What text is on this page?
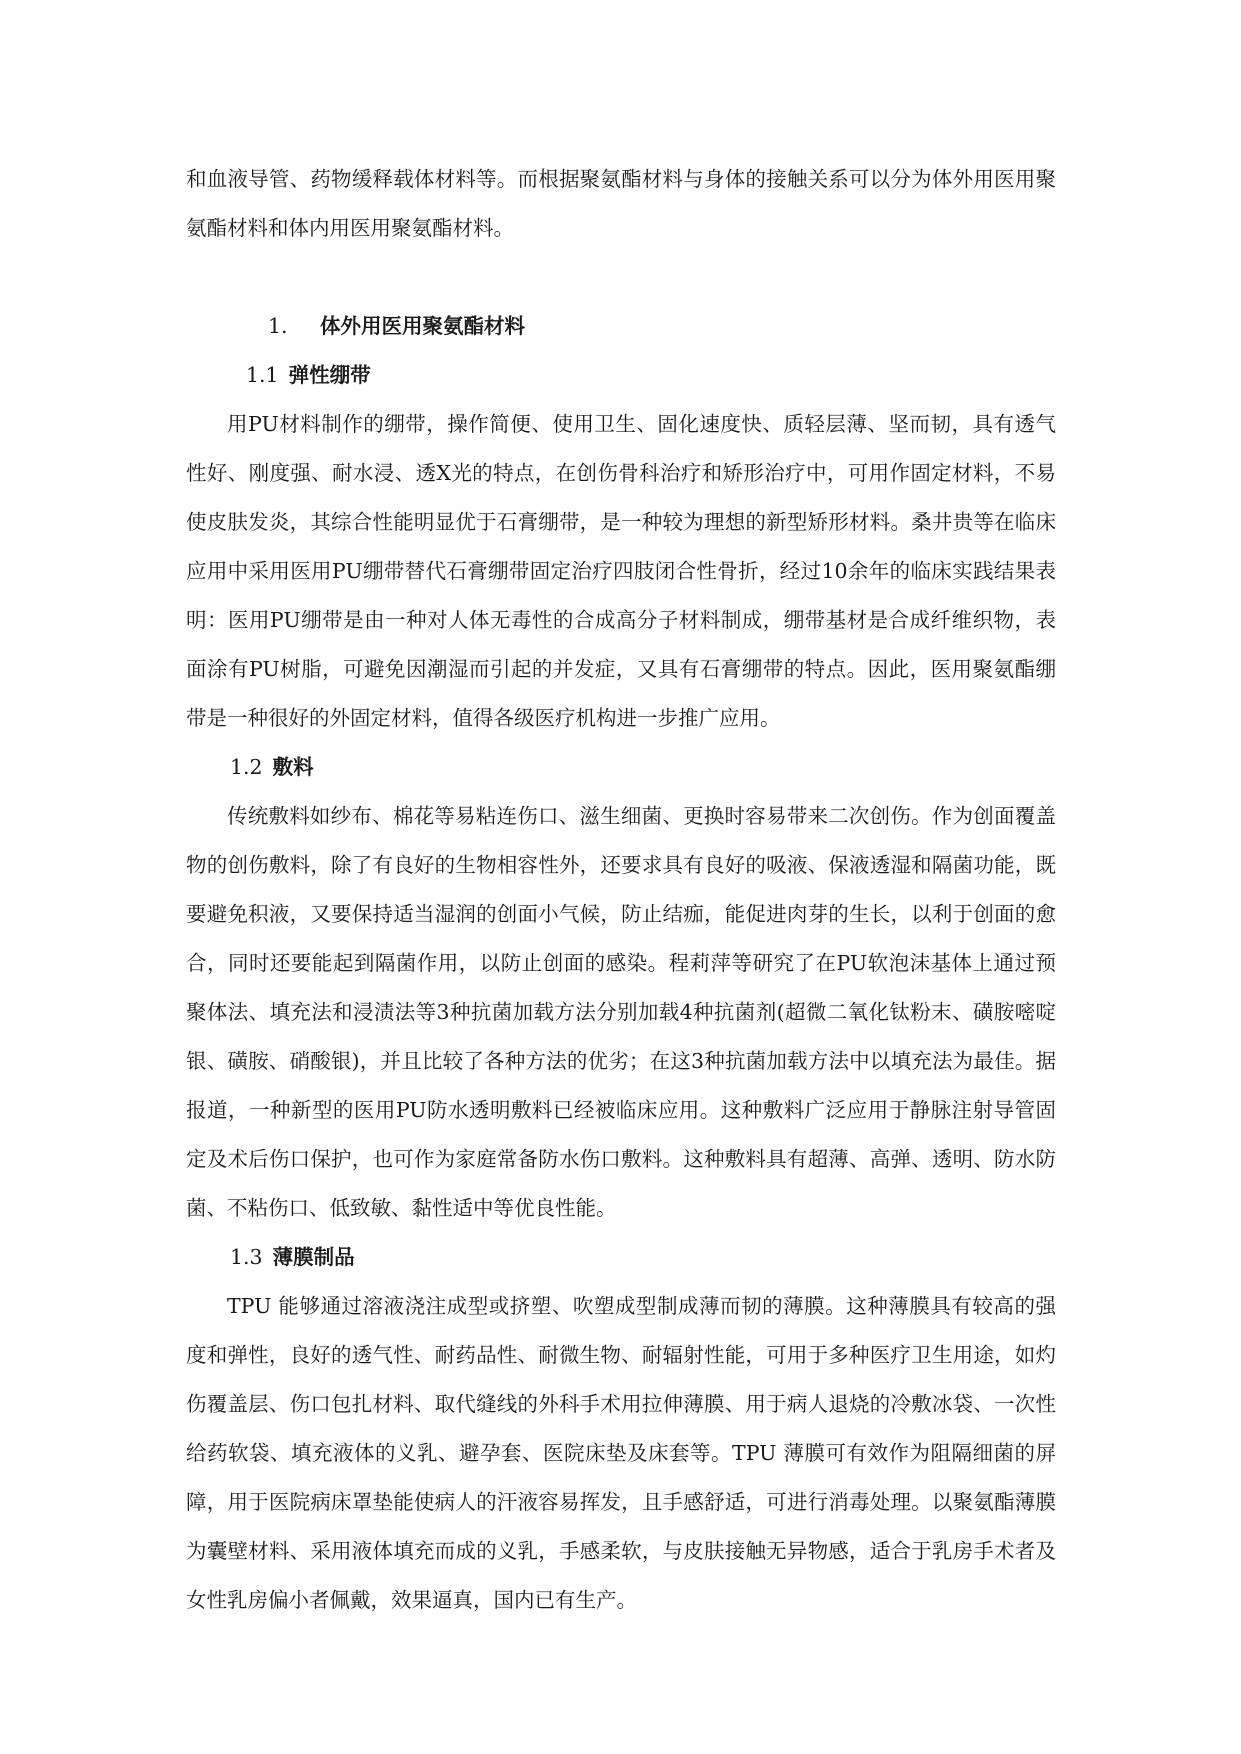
和血液导管、药物缓释载体材料等。而根据聚氨酯材料与身体的接触关系可以分为体外用医用聚氨酯材料和体内用医用聚氨酯材料。

1. 体外用医用聚氨酯材料
1.1 弹性绷带

用PU材料制作的绷带，操作简便、使用卫生、固化速度快、质轻层薄、坚而韧，具有透气性好、刚度强、耐水浸、透X光的特点，在创伤骨科治疗和矫形治疗中，可用作固定材料，不易使皮肤发炎，其综合性能明显优于石膏绷带，是一种较为理想的新型矫形材料。桑井贵等在临床应用中采用医用PU绷带替代石膏绷带固定治疗四肢闭合性骨折，经过10余年的临床实践结果表明：医用PU绷带是由一种对人体无毒性的合成高分子材料制成，绷带基材是合成纤维织物，表面涂有PU树脂，可避免因潮湿而引起的并发症，又具有石膏绷带的特点。因此，医用聚氨酯绷带是一种很好的外固定材料，值得各级医疗机构进一步推广应用。

1.2 敷料

传统敷料如纱布、棉花等易粘连伤口、滋生细菌、更换时容易带来二次创伤。作为创面覆盖物的创伤敷料，除了有良好的生物相容性外，还要求具有良好的吸液、保液透湿和隔菌功能，既要避免积液，又要保持适当湿润的创面小气候，防止结痂，能促进肉芽的生长，以利于创面的愈合，同时还要能起到隔菌作用，以防止创面的感染。程莉萍等研究了在PU软泡沫基体上通过预聚体法、填充法和浸渍法等3种抗菌加载方法分别加载4种抗菌剂(超微二氧化钛粉末、磺胺嘧啶银、磺胺、硝酸银)，并且比较了各种方法的优劣；在这3种抗菌加载方法中以填充法为最佳。据报道，一种新型的医用PU防水透明敷料已经被临床应用。这种敷料广泛应用于静脉注射导管固定及术后伤口保护，也可作为家庭常备防水伤口敷料。这种敷料具有超薄、高弹、透明、防水防菌、不粘伤口、低致敏、黏性适中等优良性能。

1.3 薄膜制品

TPU 能够通过溶液浇注成型或挤塑、吹塑成型制成薄而韧的薄膜。这种薄膜具有较高的强度和弹性，良好的透气性、耐药品性、耐微生物、耐辐射性能，可用于多种医疗卫生用途，如灼伤覆盖层、伤口包扎材料、取代缝线的外科手术用拉伸薄膜、用于病人退烧的冷敷冰袋、一次性给药软袋、填充液体的义乳、避孕套、医院床垫及床套等。TPU 薄膜可有效作为阻隔细菌的屏障，用于医院病床罩垫能使病人的汗液容易挥发，且手感舒适，可进行消毒处理。以聚氨酯薄膜为囊壁材料、采用液体填充而成的义乳，手感柔软，与皮肤接触无异物感，适合于乳房手术者及女性乳房偏小者佩戴，效果逼真，国内已有生产。
